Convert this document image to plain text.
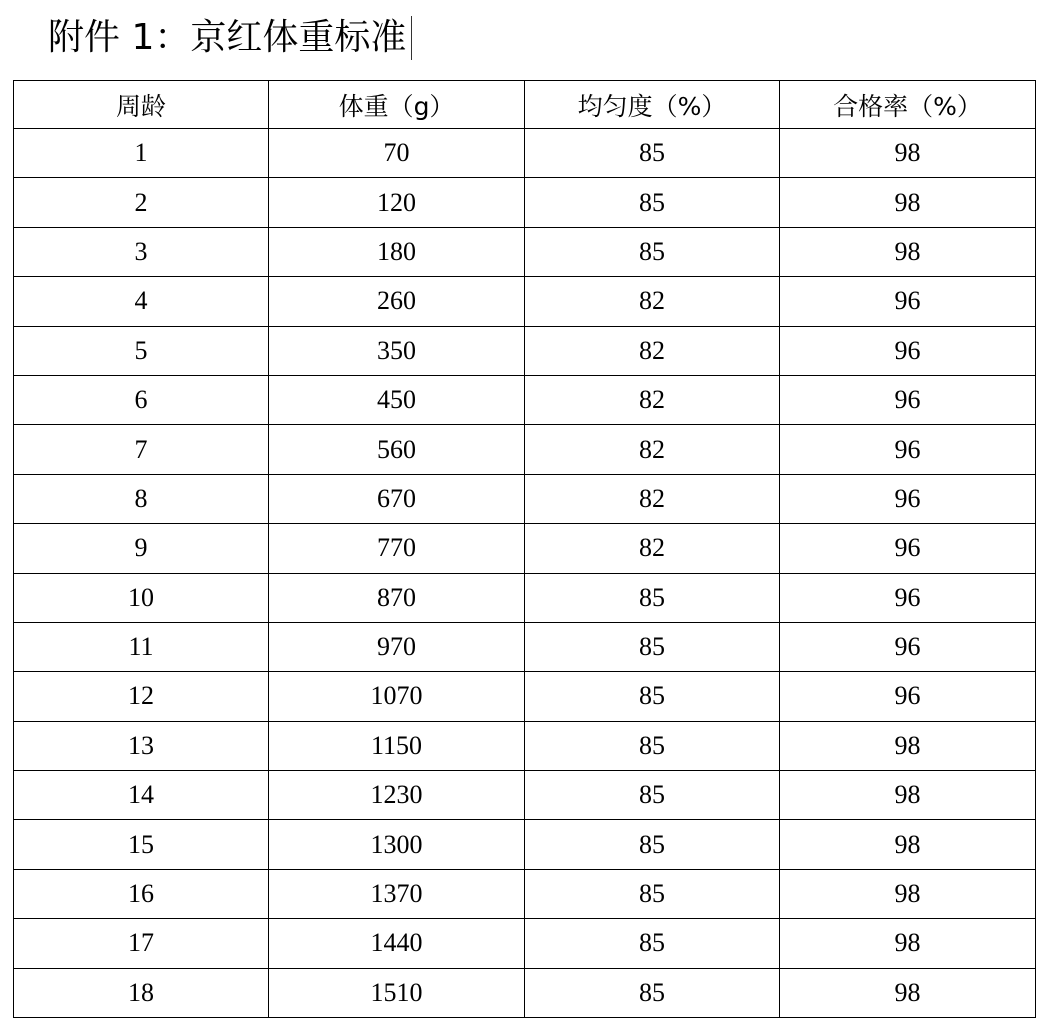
附件 1：京红体重标准
周龄	体重（g）	均匀度（%）	合格率（%）
1	70	85	98
2	120	85	98
3	180	85	98
4	260	82	96
5	350	82	96
6	450	82	96
7	560	82	96
8	670	82	96
9	770	82	96
10	870	85	96
11	970	85	96
12	1070	85	96
13	1150	85	98
14	1230	85	98
15	1300	85	98
16	1370	85	98
17	1440	85	98
18	1510	85	98
